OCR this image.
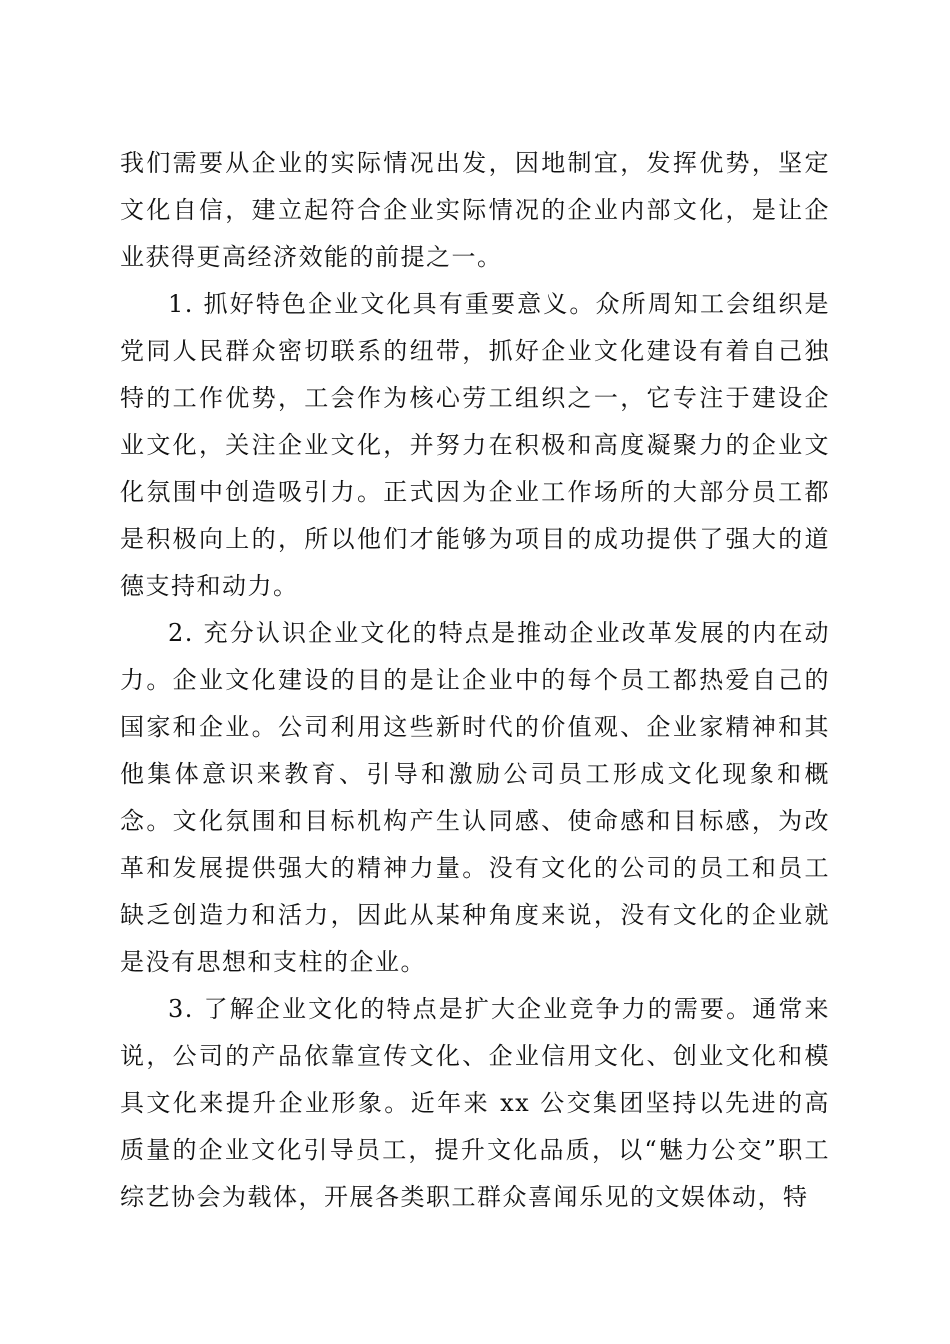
我们需要从企业的实际情况出发，因地制宜，发挥优势，坚定文化自信，建立起符合企业实际情况的企业内部文化，是让企业获得更高经济效能的前提之一。

1. 抓好特色企业文化具有重要意义。众所周知工会组织是党同人民群众密切联系的纽带，抓好企业文化建设有着自己独特的工作优势，工会作为核心劳工组织之一，它专注于建设企业文化，关注企业文化，并努力在积极和高度凝聚力的企业文化氛围中创造吸引力。正式因为企业工作场所的大部分员工都是积极向上的，所以他们才能够为项目的成功提供了强大的道德支持和动力。

2. 充分认识企业文化的特点是推动企业改革发展的内在动力。企业文化建设的目的是让企业中的每个员工都热爱自己的国家和企业。公司利用这些新时代的价值观、企业家精神和其他集体意识来教育、引导和激励公司员工形成文化现象和概念。文化氛围和目标机构产生认同感、使命感和目标感，为改革和发展提供强大的精神力量。没有文化的公司的员工和员工缺乏创造力和活力，因此从某种角度来说，没有文化的企业就是没有思想和支柱的企业。

3. 了解企业文化的特点是扩大企业竞争力的需要。通常来说，公司的产品依靠宣传文化、企业信用文化、创业文化和模具文化来提升企业形象。近年来 xx 公交集团坚持以先进的高质量的企业文化引导员工，提升文化品质，以“魅力公交”职工综艺协会为载体，开展各类职工群众喜闻乐见的文娱体动，特
